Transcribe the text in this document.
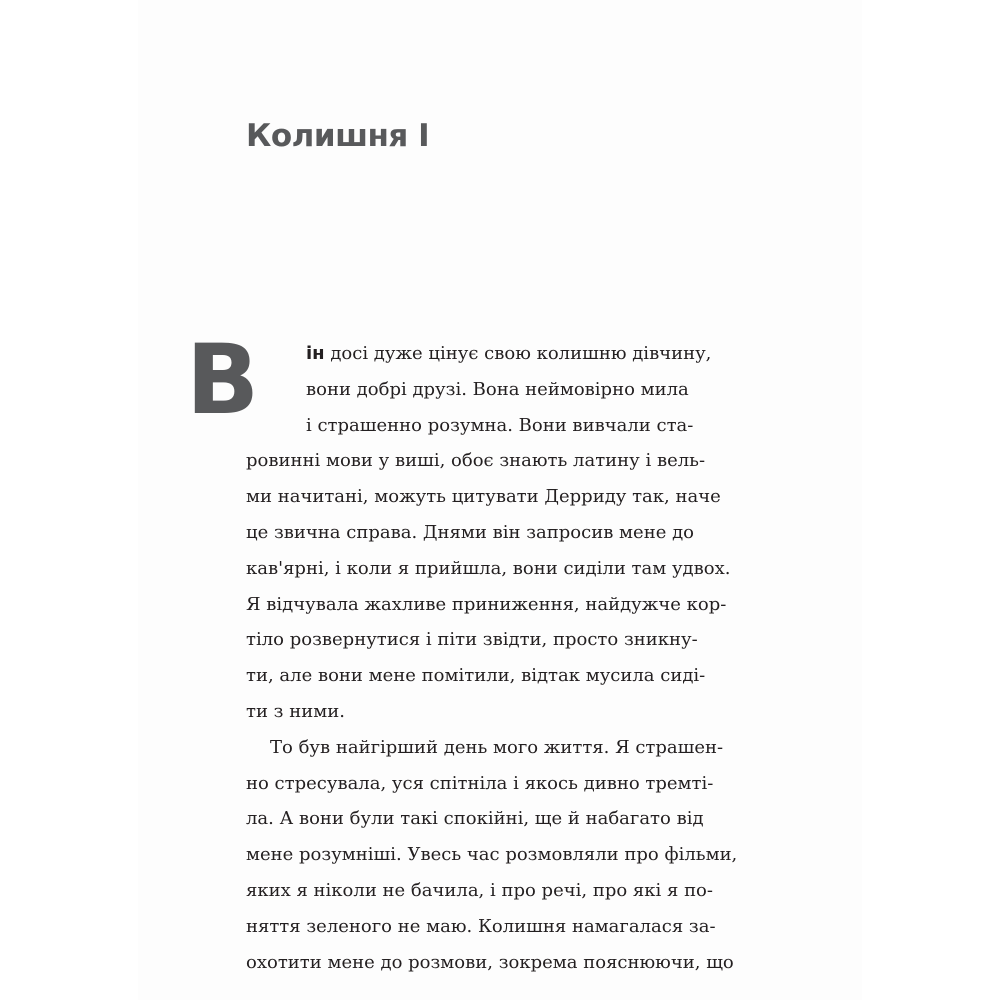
Колишня I
В	ін досі дуже цінує свою колишню дівчину,
вони добрі друзі. Вона неймовірно мила
і страшенно розумна. Вони вивчали ста-
ровинні мови у виші, обоє знають латину і вель-
ми начитані, можуть цитувати Дерриду так, наче
це звична справа. Днями він запросив мене до
кав'ярні, і коли я прийшла, вони сиділи там удвох.
Я відчувала жахливе приниження, найдужче кор-
тіло розвернутися і піти звідти, просто зникну-
ти, але вони мене помітили, відтак мусила сиді-
ти з ними.
То був найгірший день мого життя. Я страшен-
но стресувала, уся спітніла і якось дивно тремті-
ла. А вони були такі спокійні, ще й набагато від
мене розумніші. Увесь час розмовляли про фільми,
яких я ніколи не бачила, і про речі, про які я по-
няття зеленого не маю. Колишня намагалася за-
охотити мене до розмови, зокрема пояснюючи, що
